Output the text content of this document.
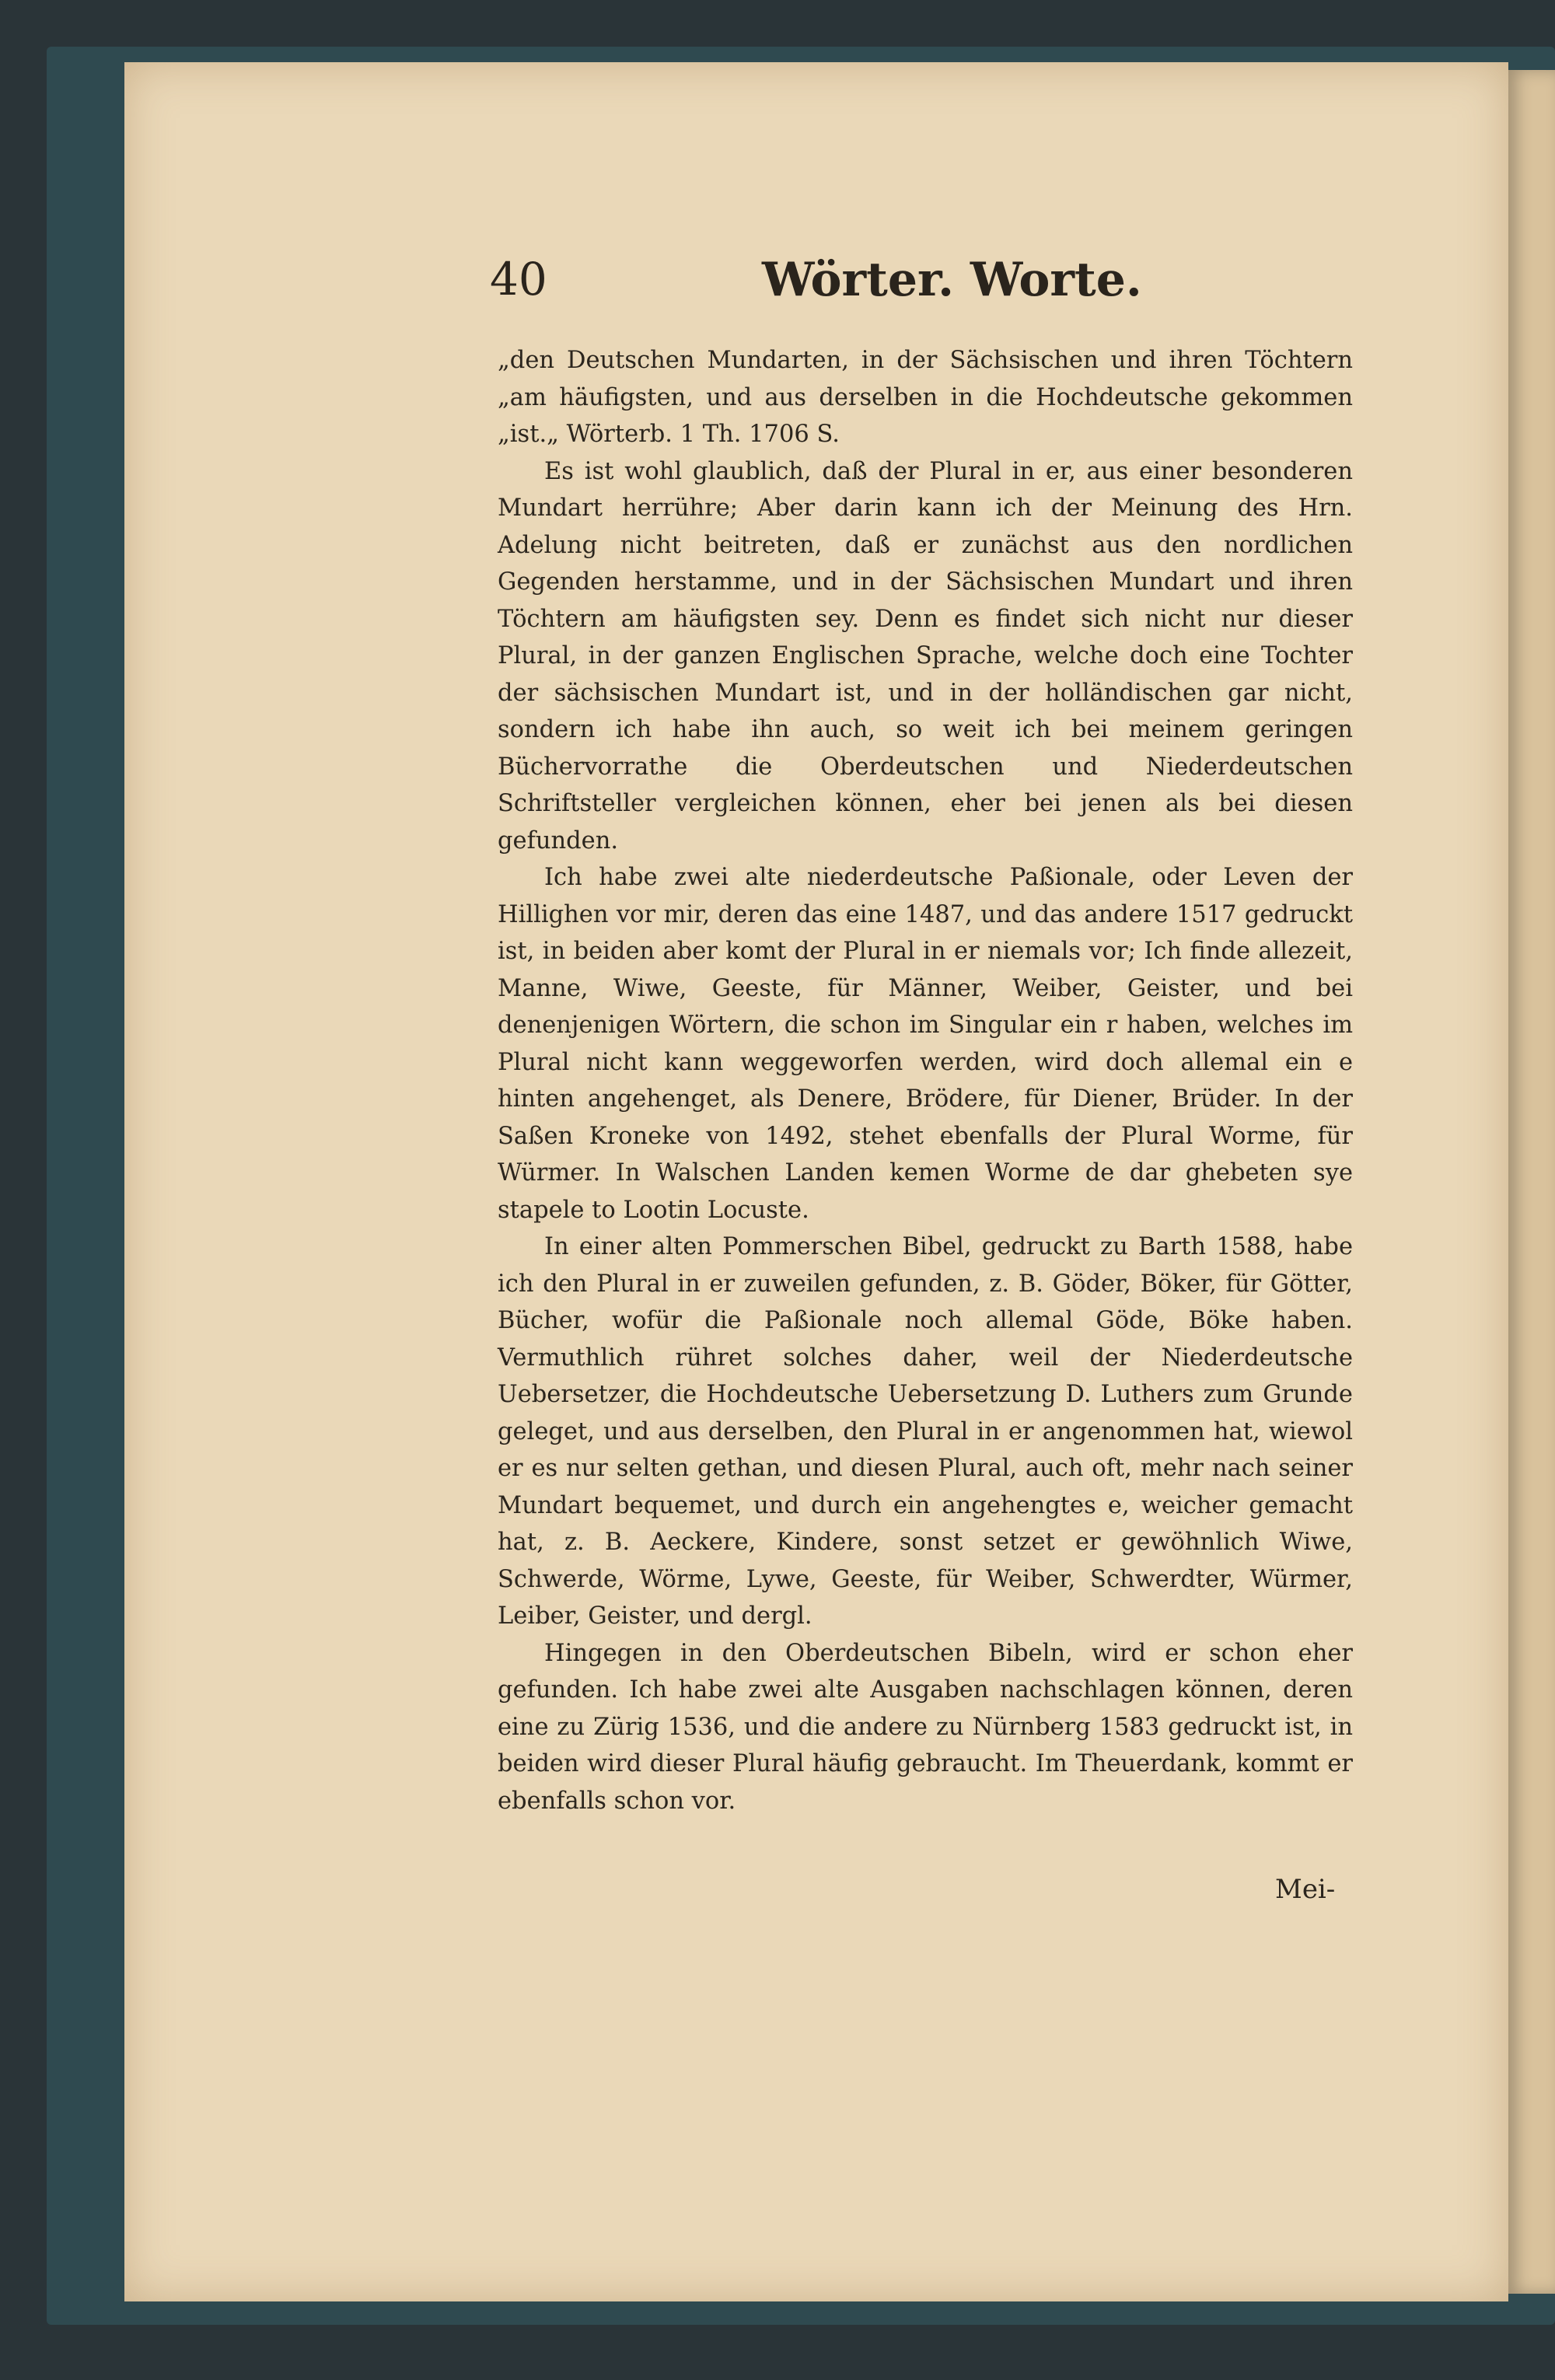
40	Wörter. Worte.

„den Deutschen Mundarten, in der Sächsischen und ihren Töchtern „am häufigsten, und aus derselben in die Hochdeutsche gekommen „ist.„ Wörterb. 1 Th. 1706 S.

Es ist wohl glaublich, daß der Plural in er, aus einer besonderen Mundart herrühre; Aber darin kann ich der Meinung des Hrn. Adelung nicht beitreten, daß er zunächst aus den nordlichen Gegenden herstamme, und in der Sächsischen Mundart und ihren Töchtern am häufigsten sey. Denn es findet sich nicht nur dieser Plural, in der ganzen Englischen Sprache, welche doch eine Tochter der sächsischen Mundart ist, und in der holländischen gar nicht, sondern ich habe ihn auch, so weit ich bei meinem geringen Büchervorrathe die Oberdeutschen und Niederdeutschen Schriftsteller vergleichen können, eher bei jenen als bei diesen gefunden.

Ich habe zwei alte niederdeutsche Paßionale, oder Leven der Hillighen vor mir, deren das eine 1487, und das andere 1517 gedruckt ist, in beiden aber komt der Plural in er niemals vor; Ich finde allezeit, Manne, Wiwe, Geeste, für Männer, Weiber, Geister, und bei denenjenigen Wörtern, die schon im Singular ein r haben, welches im Plural nicht kann weggeworfen werden, wird doch allemal ein e hinten angehenget, als Denere, Brödere, für Diener, Brüder. In der Saßen Kroneke von 1492, stehet ebenfalls der Plural Worme, für Würmer. In Walschen Landen kemen Worme de dar ghebeten sye stapele to Lootin Locuste.

In einer alten Pommerschen Bibel, gedruckt zu Barth 1588, habe ich den Plural in er zuweilen gefunden, z. B. Göder, Böker, für Götter, Bücher, wofür die Paßionale noch allemal Göde, Böke haben. Vermuthlich rühret solches daher, weil der Niederdeutsche Uebersetzer, die Hochdeutsche Uebersetzung D. Luthers zum Grunde geleget, und aus derselben, den Plural in er angenommen hat, wiewol er es nur selten gethan, und diesen Plural, auch oft, mehr nach seiner Mundart bequemet, und durch ein angehengtes e, weicher gemacht hat, z. B. Aeckere, Kindere, sonst setzet er gewöhnlich Wiwe, Schwerde, Wörme, Lywe, Geeste, für Weiber, Schwerdter, Würmer, Leiber, Geister, und dergl.

Hingegen in den Oberdeutschen Bibeln, wird er schon eher gefunden. Ich habe zwei alte Ausgaben nachschlagen können, deren eine zu Zürig 1536, und die andere zu Nürnberg 1583 gedruckt ist, in beiden wird dieser Plural häufig gebraucht. Im Theuerdank, kommt er ebenfalls schon vor.

Mei-
